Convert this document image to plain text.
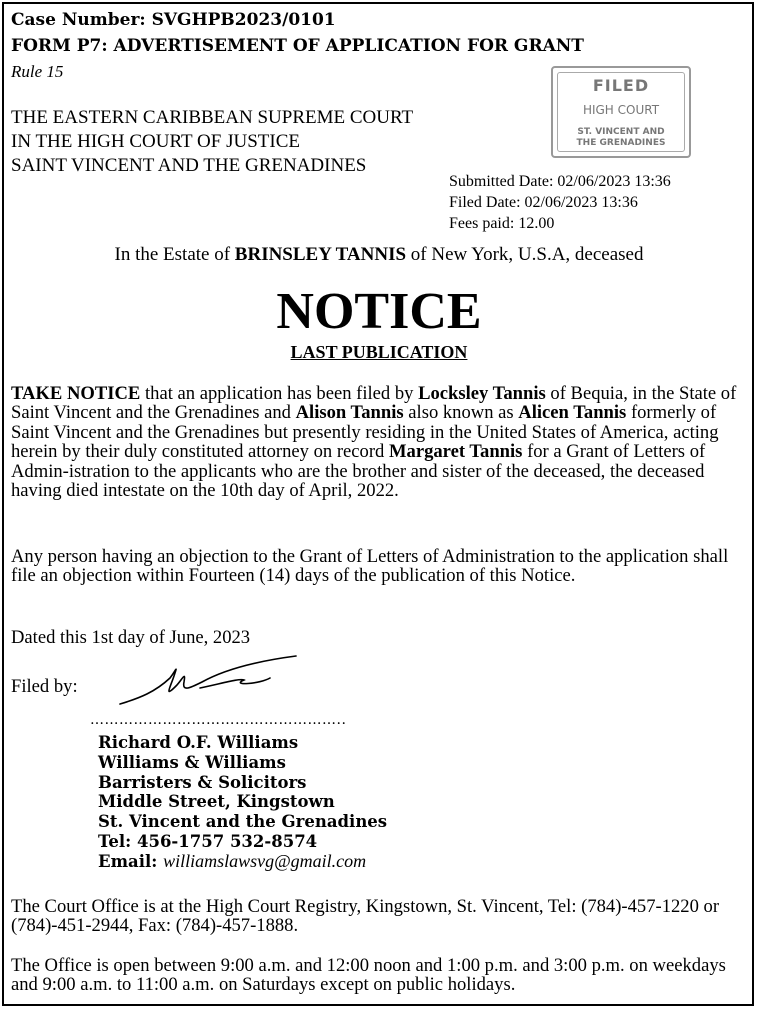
Case Number: SVGHPB2023/0101
FORM P7: ADVERTISEMENT OF APPLICATION FOR GRANT
Rule 15
THE EASTERN CARIBBEAN SUPREME COURT
IN THE HIGH COURT OF JUSTICE
SAINT VINCENT AND THE GRENADINES
FILED
HIGH COURT
ST. VINCENT AND
THE GRENADINES
Submitted Date: 02/06/2023 13:36
Filed Date: 02/06/2023 13:36
Fees paid: 12.00
In the Estate of BRINSLEY TANNIS of New York, U.S.A, deceased
NOTICE
LAST PUBLICATION
TAKE NOTICE that an application has been filed by Locksley Tannis of Bequia, in the State of Saint Vincent and the Grenadines and Alison Tannis also known as Alicen Tannis formerly of Saint Vincent and the Grenadines but presently residing in the United States of America, acting herein by their duly constituted attorney on record Margaret Tannis for a Grant of Letters of Admin-istration to the applicants who are the brother and sister of the deceased, the deceased having died intestate on the 10th day of April, 2022.
Any person having an objection to the Grant of Letters of Administration to the application shall file an objection within Fourteen (14) days of the publication of this Notice.
Dated this 1st day of June, 2023
Filed by:
……………………………………………..
Richard O.F. Williams
Williams & Williams
Barristers & Solicitors
Middle Street, Kingstown
St. Vincent and the Grenadines
Tel: 456-1757 532-8574
Email: williamslawsvg@gmail.com
The Court Office is at the High Court Registry, Kingstown, St. Vincent, Tel: (784)-457-1220 or (784)-451-2944, Fax: (784)-457-1888.
The Office is open between 9:00 a.m. and 12:00 noon and 1:00 p.m. and 3:00 p.m. on weekdays and 9:00 a.m. to 11:00 a.m. on Saturdays except on public holidays.
